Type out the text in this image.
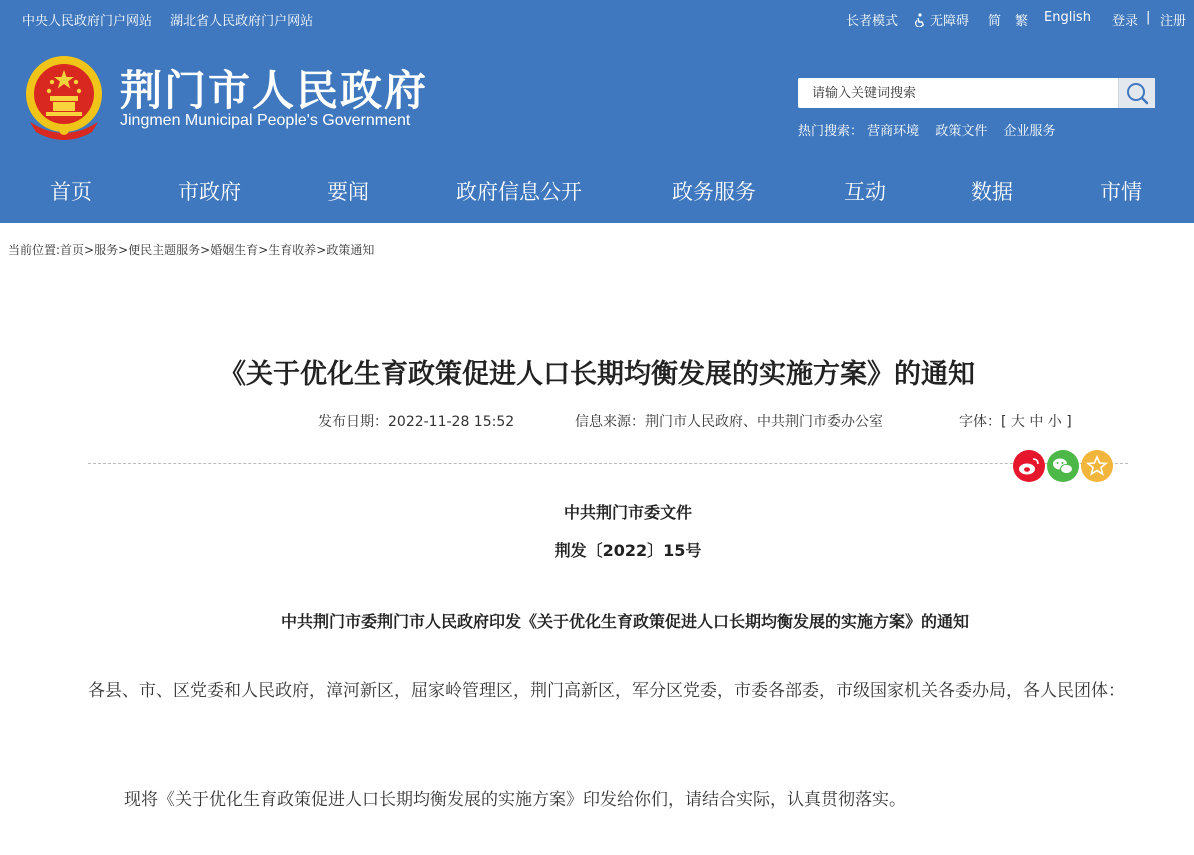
中央人民政府门户网站 湖北省人民政府门户网站	长者模式	无障碍 简 繁 English 登录 | 注册
荆门市人民政府
Jingmen Municipal People's Government
请输入关键词搜索
热门搜索： 营商环境 政策文件 企业服务
首页	市政府	要闻	政府信息公开	政务服务	互动	数据	市情
当前位置:首页>服务>便民主题服务>婚姻生育>生育收养>政策通知
《关于优化生育政策促进人口长期均衡发展的实施方案》的通知
发布日期：2022-11-28 15:52	信息来源：荆门市人民政府、中共荆门市委办公室	字体：[ 大 中 小 ]
中共荆门市委文件
荆发〔2022〕15号
中共荆门市委荆门市人民政府印发《关于优化生育政策促进人口长期均衡发展的实施方案》的通知
各县、市、区党委和人民政府，漳河新区，屈家岭管理区，荆门高新区，军分区党委，市委各部委，市级国家机关各委办局，各人民团体：
现将《关于优化生育政策促进人口长期均衡发展的实施方案》印发给你们，请结合实际，认真贯彻落实。
